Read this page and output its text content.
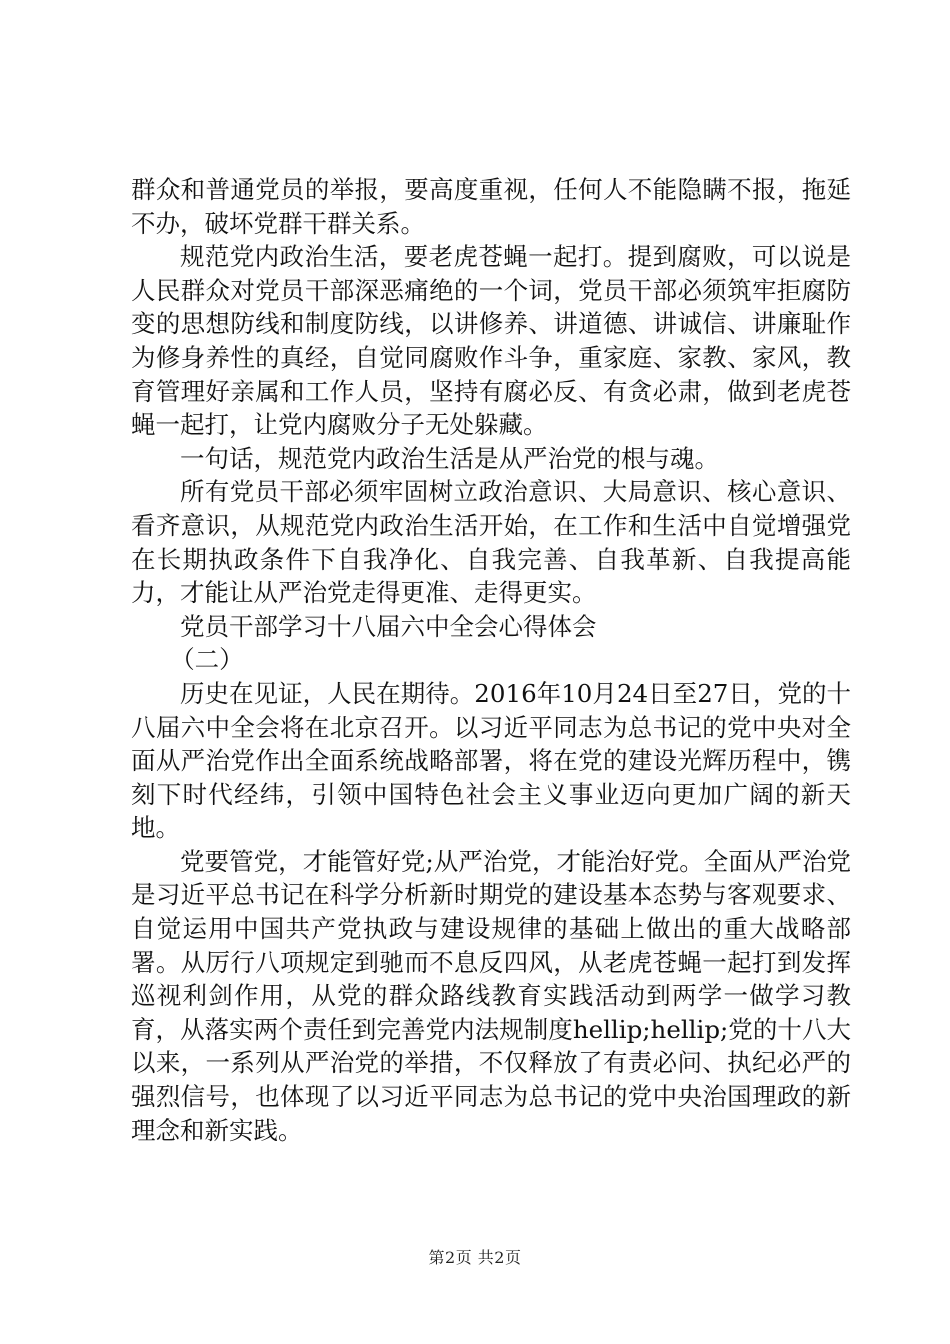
群众和普通党员的举报，要高度重视，任何人不能隐瞒不报，拖延不办，破坏党群干群关系。

规范党内政治生活，要老虎苍蝇一起打。提到腐败，可以说是人民群众对党员干部深恶痛绝的一个词，党员干部必须筑牢拒腐防变的思想防线和制度防线，以讲修养、讲道德、讲诚信、讲廉耻作为修身养性的真经，自觉同腐败作斗争，重家庭、家教、家风，教育管理好亲属和工作人员，坚持有腐必反、有贪必肃，做到老虎苍蝇一起打，让党内腐败分子无处躲藏。

一句话，规范党内政治生活是从严治党的根与魂。

所有党员干部必须牢固树立政治意识、大局意识、核心意识、看齐意识，从规范党内政治生活开始，在工作和生活中自觉增强党在长期执政条件下自我净化、自我完善、自我革新、自我提高能力，才能让从严治党走得更准、走得更实。

党员干部学习十八届六中全会心得体会

（二）

历史在见证，人民在期待。2016年10月24日至27日，党的十八届六中全会将在北京召开。以习近平同志为总书记的党中央对全面从严治党作出全面系统战略部署，将在党的建设光辉历程中，镌刻下时代经纬，引领中国特色社会主义事业迈向更加广阔的新天地。

党要管党，才能管好党;从严治党，才能治好党。全面从严治党是习近平总书记在科学分析新时期党的建设基本态势与客观要求、自觉运用中国共产党执政与建设规律的基础上做出的重大战略部署。从厉行八项规定到驰而不息反四风，从老虎苍蝇一起打到发挥巡视利剑作用，从党的群众路线教育实践活动到两学一做学习教育，从落实两个责任到完善党内法规制度hellip;hellip;党的十八大以来，一系列从严治党的举措，不仅释放了有责必问、执纪必严的强烈信号，也体现了以习近平同志为总书记的党中央治国理政的新理念和新实践。

第2页 共2页
